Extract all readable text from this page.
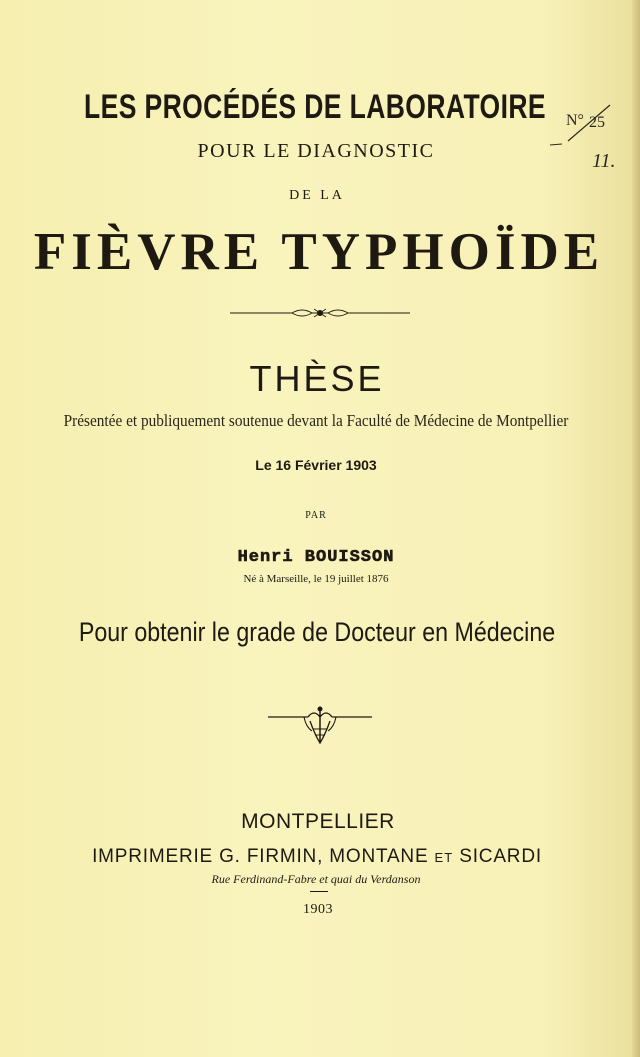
N° 25
11.
LES PROCÉDÉS DE LABORATOIRE
POUR LE DIAGNOSTIC
DE LA
FIÈVRE TYPHOÏDE
THÈSE
Présentée et publiquement soutenue devant la Faculté de Médecine de Montpellier
Le 16 Février 1903
PAR
Henri BOUISSON
Né à Marseille, le 19 juillet 1876
Pour obtenir le grade de Docteur en Médecine
MONTPELLIER
IMPRIMERIE G. FIRMIN, MONTANE ET SICARDI
Rue Ferdinand-Fabre et quai du Verdanson
1903
